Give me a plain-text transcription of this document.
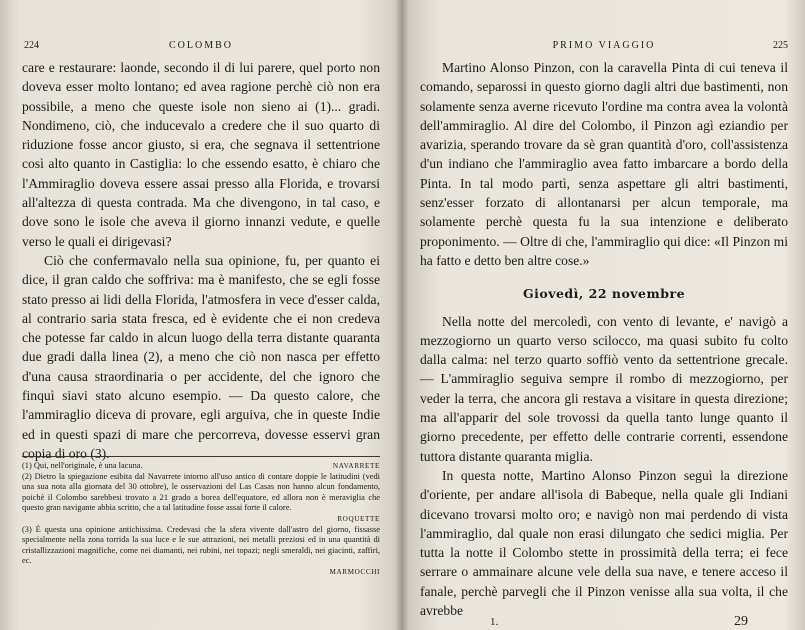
224	COLOMBO

care e restaurare: laonde, secondo il di lui parere, quel porto non doveva esser molto lontano; ed avea ragione perchè ciò non era possibile, a meno che queste isole non sieno ai (1)... gradi. Nondimeno, ciò, che inducevalo a credere che il suo quarto di riduzione fosse ancor giusto, si era, che segnava il settentrione così alto quanto in Castiglia: lo che essendo esatto, è chiaro che l'Ammiraglio doveva essere assai presso alla Florida, e trovarsi all'altezza di questa contrada. Ma che divengono, in tal caso, e dove sono le isole che aveva il giorno innanzi vedute, e quelle verso le quali ei dirigevasi?

Ciò che confermavalo nella sua opinione, fu, per quanto ei dice, il gran caldo che soffriva: ma è manifesto, che se egli fosse stato presso ai lidi della Florida, l'atmosfera in vece d'esser calda, al contrario saria stata fresca, ed è evidente che ei non credeva che potesse far caldo in alcun luogo della terra distante quaranta due gradi dalla linea (2), a meno che ciò non nasca per effetto d'una causa straordinaria o per accidente, del che ignoro che finquì siavi stato alcuno esempio. — Da questo calore, che l'ammiraglio diceva di provare, egli arguiva, che in queste Indie ed in questi spazi di mare che percorreva, dovesse esservi gran copia di oro (3).

(1) Qui, nell'originale, è una lacuna.	NAVARRETE

(2) Dietro la spiegazione esibita dal Navarrete intorno all'uso antico di contare doppie le latitudini (vedi una sua nota alla giornata del 30 ottobre), le osservazioni del Las Casas non hanno alcun fondamento, poichè il Colombo sarebbesi trovato a 21 grado a borea dell'equatore, ed allora non è meraviglia che questo gran navigante abbia scritto, che a tal latitudine fosse assai forte il calore.

ROQUETTE

(3) È questa una opinione antichissima. Credevasi che la sfera vivente dall'astro del giorno, fissasse specialmente nella zona torrida la sua luce e le sue attrazioni, nei metalli preziosi ed in una quantità di cristallizzazioni magnifiche, come nei diamanti, nei rubini, nei topazi; negli smeraldi, nei giacinti, zaffiri, ec.

MARMOCCHI

PRIMO VIAGGIO	225

Martino Alonso Pinzon, con la caravella Pinta di cui teneva il comando, separossi in questo giorno dagli altri due bastimenti, non solamente senza averne ricevuto l'ordine ma contra avea la volontà dell'ammiraglio. Al dire del Colombo, il Pinzon agì eziandio per avarizia, sperando trovare da sè gran quantità d'oro, coll'assistenza d'un indiano che l'ammiraglio avea fatto imbarcare a bordo della Pinta. In tal modo partì, senza aspettare gli altri bastimenti, senz'esser forzato di allontanarsi per alcun temporale, ma solamente perchè questa fu la sua intenzione e deliberato proponimento. — Oltre di che, l'ammiraglio qui dice: «Il Pinzon mi ha fatto e detto ben altre cose.»

Giovedì, 22 novembre

Nella notte del mercoledì, con vento di levante, e' navigò a mezzogiorno un quarto verso scilocco, ma quasi subito fu colto dalla calma: nel terzo quarto soffiò vento da settentrione grecale. — L'ammiraglio seguiva sempre il rombo di mezzogiorno, per veder la terra, che ancora gli restava a visitare in questa direzione; ma all'apparir del sole trovossi da quella tanto lunge quanto il giorno precedente, per effetto delle contrarie correnti, essendone tuttora distante quaranta miglia.

In questa notte, Martino Alonso Pinzon seguì la direzione d'oriente, per andare all'isola di Babeque, nella quale gli Indiani dicevano trovarsi molto oro; e navigò non mai perdendo di vista l'ammiraglio, dal quale non erasi dilungato che sedici miglia. Per tutta la notte il Colombo stette in prossimità della terra; ei fece serrare o ammainare alcune vele della sua nave, e tenere acceso il fanale, perchè parvegli che il Pinzon venisse alla sua volta, il che avrebbe

1.	29
